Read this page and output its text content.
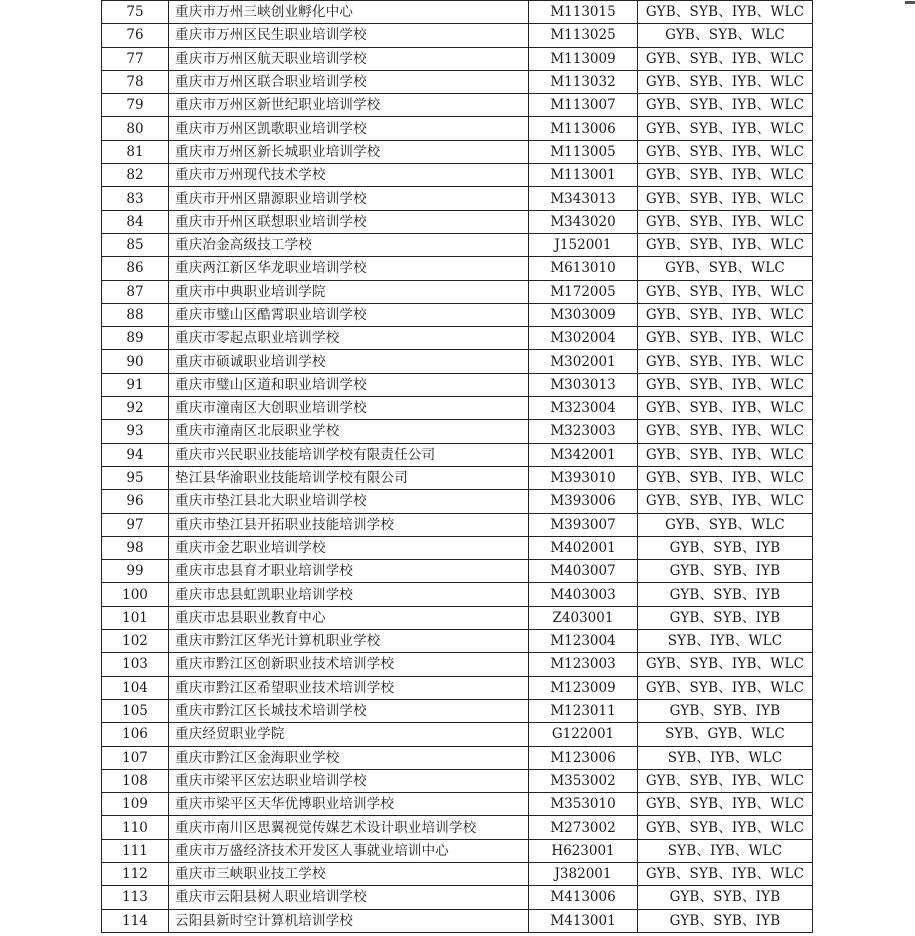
75	重庆市万州三峡创业孵化中心	M113015	GYB、SYB、IYB、WLC
76	重庆市万州区民生职业培训学校	M113025	GYB、SYB、WLC
77	重庆市万州区航天职业培训学校	M113009	GYB、SYB、IYB、WLC
78	重庆市万州区联合职业培训学校	M113032	GYB、SYB、IYB、WLC
79	重庆市万州区新世纪职业培训学校	M113007	GYB、SYB、IYB、WLC
80	重庆市万州区凯歌职业培训学校	M113006	GYB、SYB、IYB、WLC
81	重庆市万州区新长城职业培训学校	M113005	GYB、SYB、IYB、WLC
82	重庆市万州现代技术学校	M113001	GYB、SYB、IYB、WLC
83	重庆市开州区鼎源职业培训学校	M343013	GYB、SYB、IYB、WLC
84	重庆市开州区联想职业培训学校	M343020	GYB、SYB、IYB、WLC
85	重庆冶金高级技工学校	J152001	GYB、SYB、IYB、WLC
86	重庆两江新区华龙职业培训学校	M613010	GYB、SYB、WLC
87	重庆市中典职业培训学院	M172005	GYB、SYB、IYB、WLC
88	重庆市璧山区酷霄职业培训学校	M303009	GYB、SYB、IYB、WLC
89	重庆市零起点职业培训学校	M302004	GYB、SYB、IYB、WLC
90	重庆市硕诚职业培训学校	M302001	GYB、SYB、IYB、WLC
91	重庆市璧山区道和职业培训学校	M303013	GYB、SYB、IYB、WLC
92	重庆市潼南区大创职业培训学校	M323004	GYB、SYB、IYB、WLC
93	重庆市潼南区北辰职业学校	M323003	GYB、SYB、IYB、WLC
94	重庆市兴民职业技能培训学校有限责任公司	M342001	GYB、SYB、IYB、WLC
95	垫江县华渝职业技能培训学校有限公司	M393010	GYB、SYB、IYB、WLC
96	重庆市垫江县北大职业培训学校	M393006	GYB、SYB、IYB、WLC
97	重庆市垫江县开拓职业技能培训学校	M393007	GYB、SYB、WLC
98	重庆市金艺职业培训学校	M402001	GYB、SYB、IYB
99	重庆市忠县育才职业培训学校	M403007	GYB、SYB、IYB
100	重庆市忠县虹凯职业培训学校	M403003	GYB、SYB、IYB
101	重庆市忠县职业教育中心	Z403001	GYB、SYB、IYB
102	重庆市黔江区华光计算机职业学校	M123004	SYB、IYB、WLC
103	重庆市黔江区创新职业技术培训学校	M123003	GYB、SYB、IYB、WLC
104	重庆市黔江区希望职业技术培训学校	M123009	GYB、SYB、IYB、WLC
105	重庆市黔江区长城技术培训学校	M123011	GYB、SYB、IYB
106	重庆经贸职业学院	G122001	SYB、GYB、WLC
107	重庆市黔江区金海职业学校	M123006	SYB、IYB、WLC
108	重庆市梁平区宏达职业培训学校	M353002	GYB、SYB、IYB、WLC
109	重庆市梁平区天华优博职业培训学校	M353010	GYB、SYB、IYB、WLC
110	重庆市南川区思翼视觉传媒艺术设计职业培训学校	M273002	GYB、SYB、IYB、WLC
111	重庆市万盛经济技术开发区人事就业培训中心	H623001	SYB、IYB、WLC
112	重庆市三峡职业技工学校	J382001	GYB、SYB、IYB、WLC
113	重庆市云阳县树人职业培训学校	M413006	GYB、SYB、IYB
114	云阳县新时空计算机培训学校	M413001	GYB、SYB、IYB
